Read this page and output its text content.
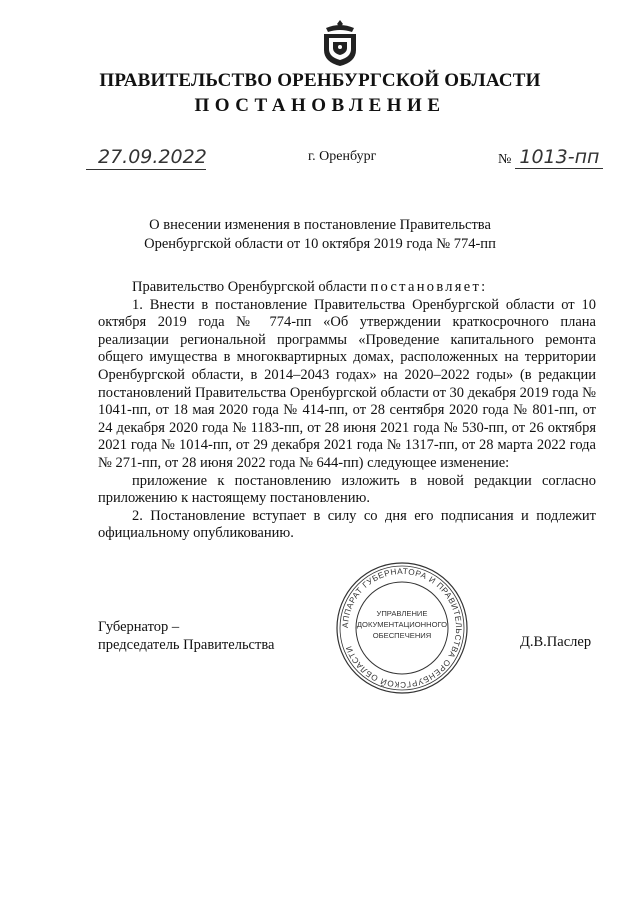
ПРАВИТЕЛЬСТВО ОРЕНБУРГСКОЙ ОБЛАСТИ
ПОСТАНОВЛЕНИЕ
27.09.2022	г. Оренбург	№ 1013-пп
О внесении изменения в постановление Правительства
Оренбургской области от 10 октября 2019 года № 774-пп

Правительство Оренбургской области постановляет:

1. Внести в постановление Правительства Оренбургской области от 10 октября 2019 года № 774-пп «Об утверждении краткосрочного плана реализации региональной программы «Проведение капитального ремонта общего имущества в многоквартирных домах, расположенных на территории Оренбургской области, в 2014–2043 годах» на 2020–2022 годы» (в редакции постановлений Правительства Оренбургской области от 30 декабря 2019 года № 1041-пп, от 18 мая 2020 года № 414-пп, от 28 сентября 2020 года № 801-пп, от 24 декабря 2020 года № 1183-пп, от 28 июня 2021 года № 530-пп, от 26 октября 2021 года № 1014-пп, от 29 декабря 2021 года № 1317-пп, от 28 марта 2022 года № 271-пп, от 28 июня 2022 года № 644-пп) следующее изменение:

приложение к постановлению изложить в новой редакции согласно приложению к настоящему постановлению.

2. Постановление вступает в силу со дня его подписания и подлежит официальному опубликованию.

Губернатор –
председатель Правительства	Д.В.Паслер
АППАРАТ ГУБЕРНАТОРА И ПРАВИТЕЛЬСТВА ОРЕНБУРГСКОЙ ОБЛАСТИ
УПРАВЛЕНИЕ
ДОКУМЕНТАЦИОННОГО
ОБЕСПЕЧЕНИЯ
